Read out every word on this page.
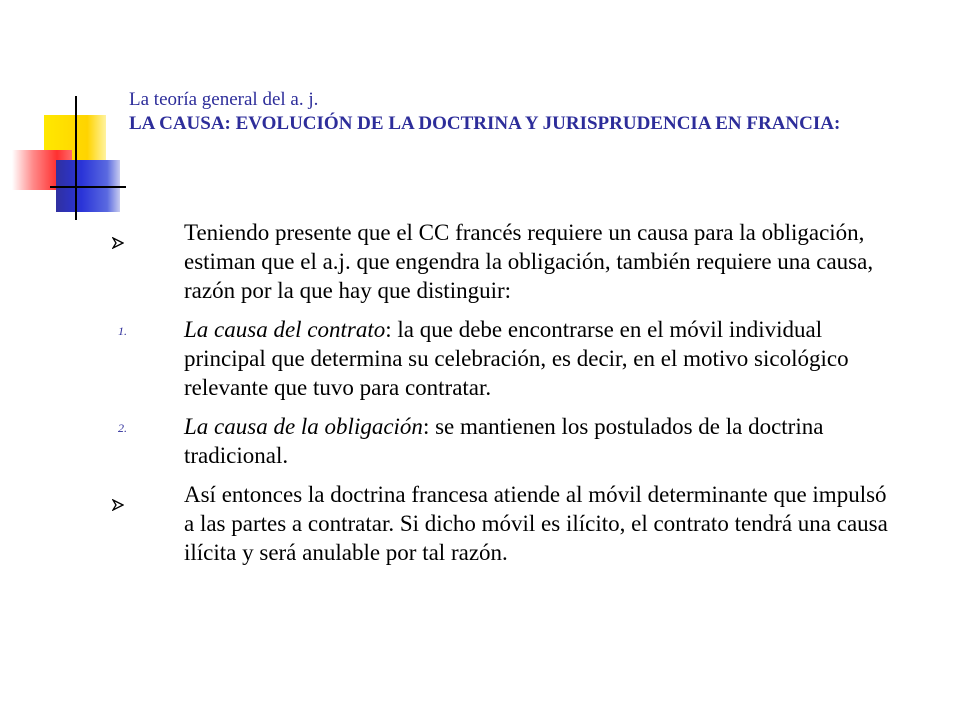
La teoría general del a. j.
LA CAUSA: EVOLUCIÓN DE LA DOCTRINA Y JURISPRUDENCIA EN FRANCIA:
Teniendo presente que el CC francés requiere un causa para la obligación, estiman que el a.j. que engendra la obligación, también requiere una causa, razón por la que hay que distinguir:
1. La causa del contrato: la que debe encontrarse en el móvil individual principal que determina su celebración, es decir, en el motivo sicológico relevante que tuvo para contratar.
2. La causa de la obligación: se mantienen los postulados de la doctrina tradicional.
Así entonces la doctrina francesa atiende al móvil determinante que impulsó a las partes a contratar. Si dicho móvil es ilícito, el contrato tendrá una causa ilícita y será anulable por tal razón.
